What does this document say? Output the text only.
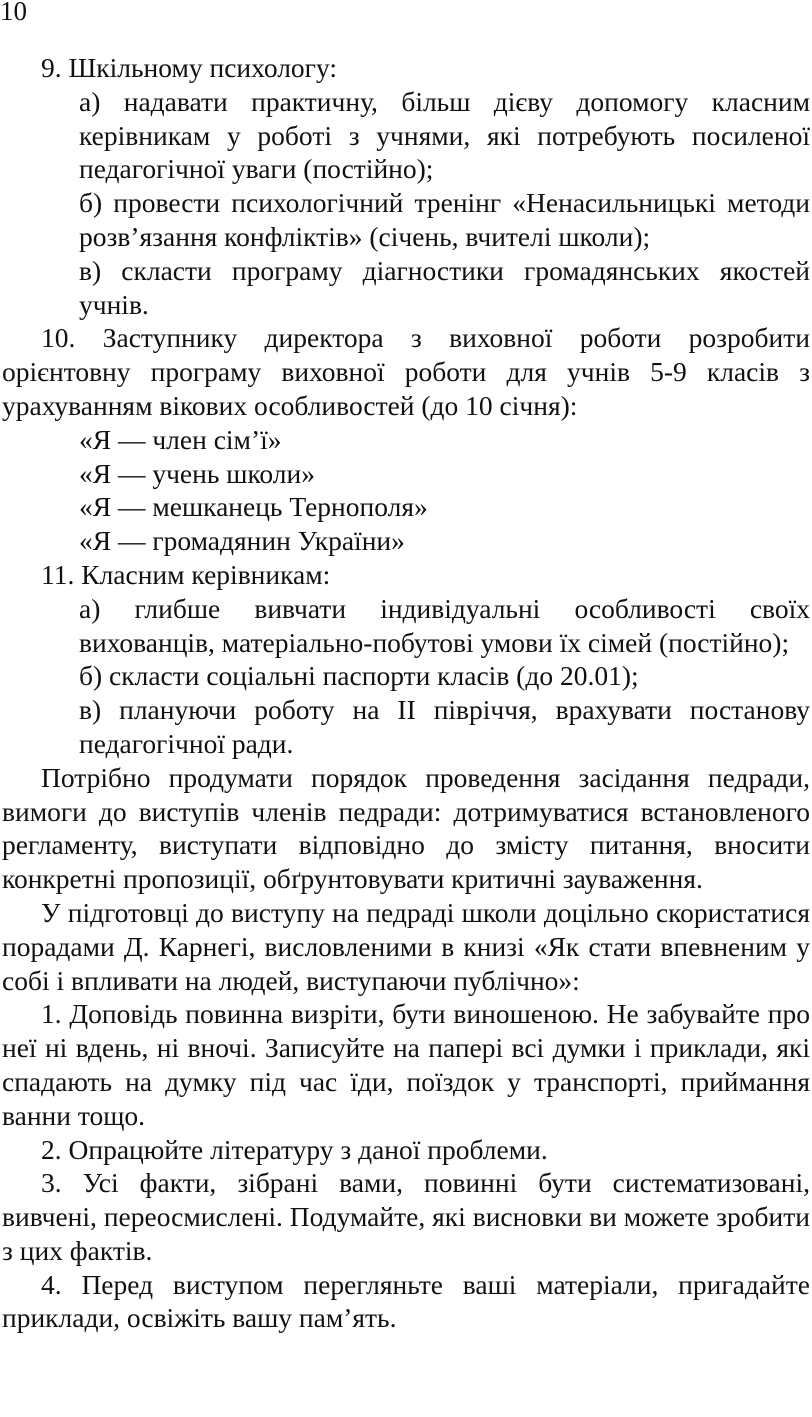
10

9. Шкільному психологу:

а) надавати практичну, більш дієву допомогу класним керівникам у роботі з учнями, які потребують посиленої педагогічної уваги (постійно);

б) провести психологічний тренінг «Ненасильницькі методи розв’язання конфліктів» (січень, вчителі школи);

в) скласти програму діагностики громадянських якостей учнів.

10. Заступнику директора з виховної роботи розробити орієнтовну програму виховної роботи для учнів 5-9 класів з урахуванням вікових особливостей (до 10 січня):

«Я — член сім’ї»

«Я — учень школи»

«Я — мешканець Тернополя»

«Я — громадянин України»

11. Класним керівникам:

а) глибше вивчати індивідуальні особливості своїх вихованців, матеріально-побутові умови їх сімей (постійно);

б) скласти соціальні паспорти класів (до 20.01);

в) плануючи роботу на ІІ півріччя, врахувати постанову педагогічної ради.

Потрібно продумати порядок проведення засідання педради, вимоги до виступів членів педради: дотримуватися встановленого регламенту, виступати відповідно до змісту питання, вносити конкретні пропозиції, обґрунтовувати критичні зауваження.

У підготовці до виступу на педраді школи доцільно скористатися порадами Д. Карнегі, висловленими в книзі «Як стати впевненим у собі і впливати на людей, виступаючи публічно»:

1. Доповідь повинна визріти, бути виношеною. Не забувайте про неї ні вдень, ні вночі. Записуйте на папері всі думки і приклади, які спадають на думку під час їди, поїздок у транспорті, приймання ванни тощо.

2. Опрацюйте літературу з даної проблеми.

3. Усі факти, зібрані вами, повинні бути систематизовані, вивчені, переосмислені. Подумайте, які висновки ви можете зробити з цих фактів.

4. Перед виступом перегляньте ваші матеріали, пригадайте приклади, освіжіть вашу пам’ять.
